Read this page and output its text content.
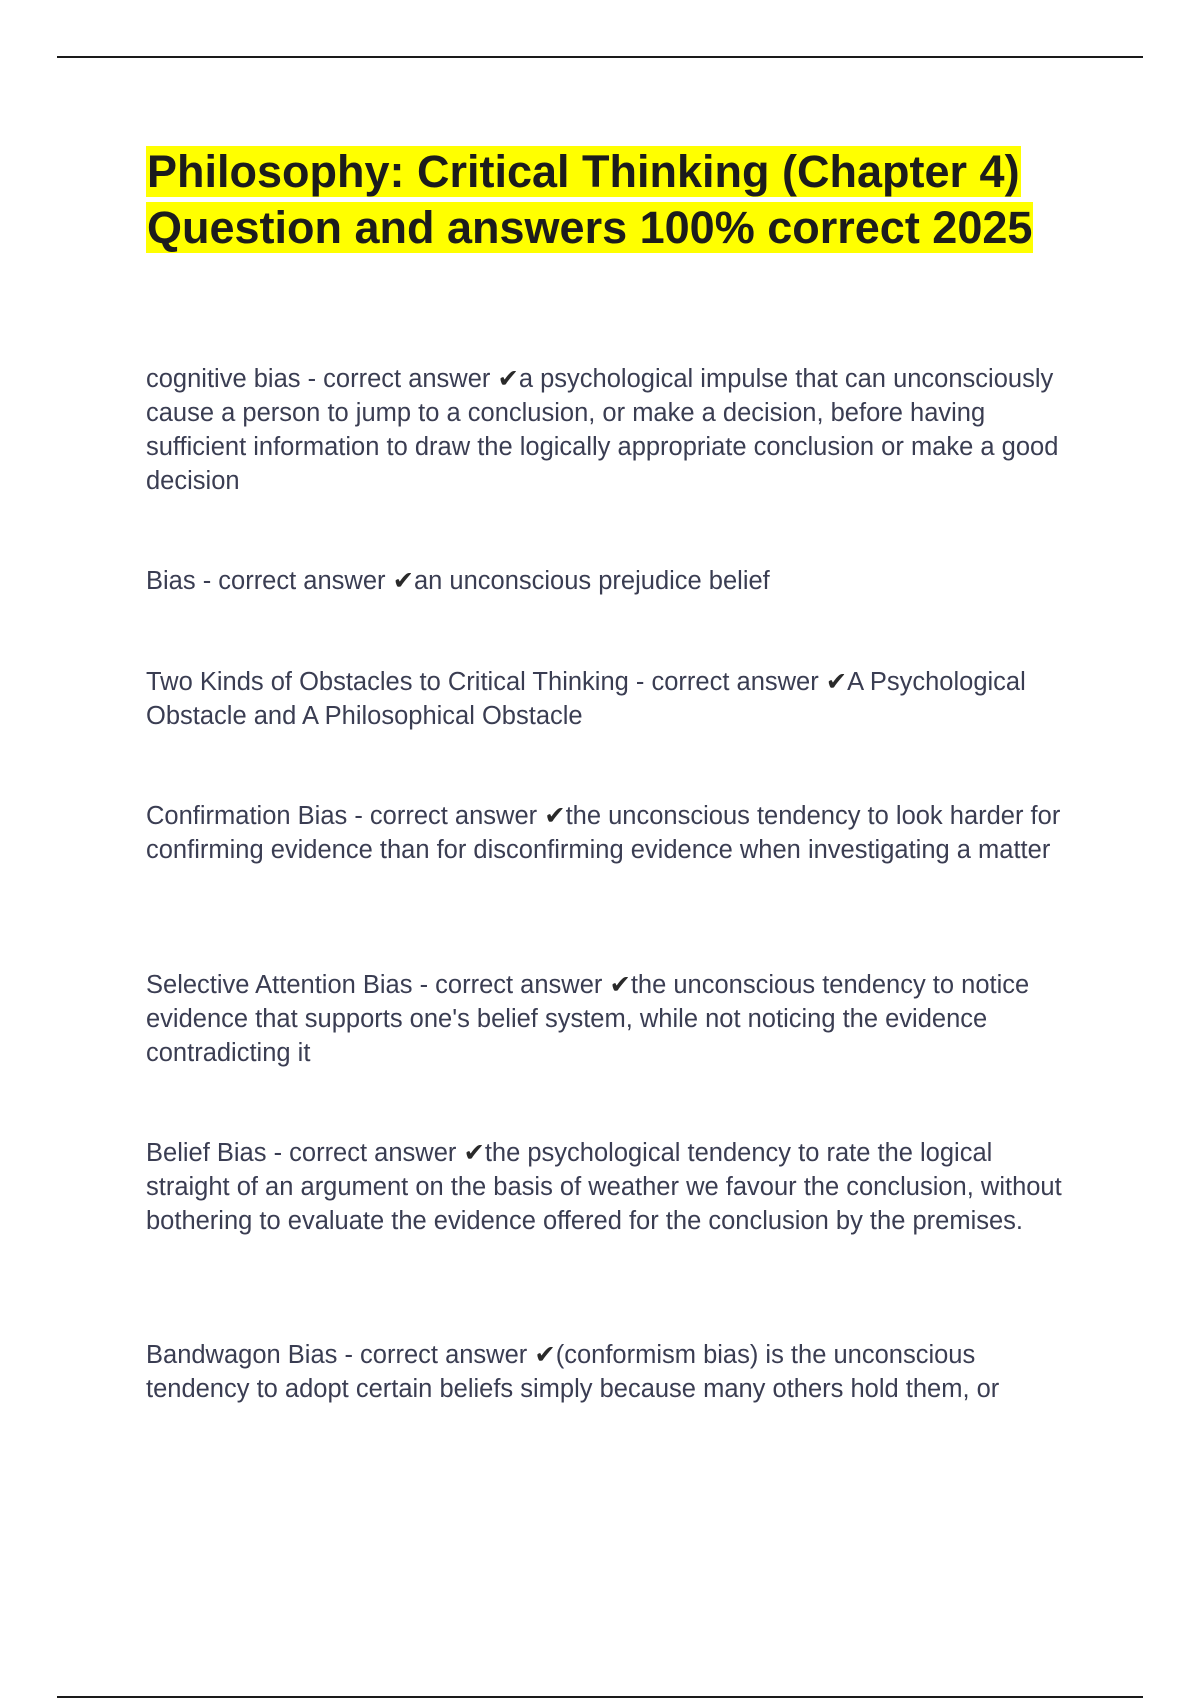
Philosophy: Critical Thinking (Chapter 4) Question and answers 100% correct 2025

cognitive bias - correct answer ✔a psychological impulse that can unconsciously cause a person to jump to a conclusion, or make a decision, before having sufficient information to draw the logically appropriate conclusion or make a good decision

Bias - correct answer ✔an unconscious prejudice belief

Two Kinds of Obstacles to Critical Thinking - correct answer ✔A Psychological Obstacle and A Philosophical Obstacle

Confirmation Bias - correct answer ✔the unconscious tendency to look harder for confirming evidence than for disconfirming evidence when investigating a matter

Selective Attention Bias - correct answer ✔the unconscious tendency to notice evidence that supports one's belief system, while not noticing the evidence contradicting it

Belief Bias - correct answer ✔the psychological tendency to rate the logical straight of an argument on the basis of weather we favour the conclusion, without bothering to evaluate the evidence offered for the conclusion by the premises.

Bandwagon Bias - correct answer ✔(conformism bias) is the unconscious tendency to adopt certain beliefs simply because many others hold them, or
